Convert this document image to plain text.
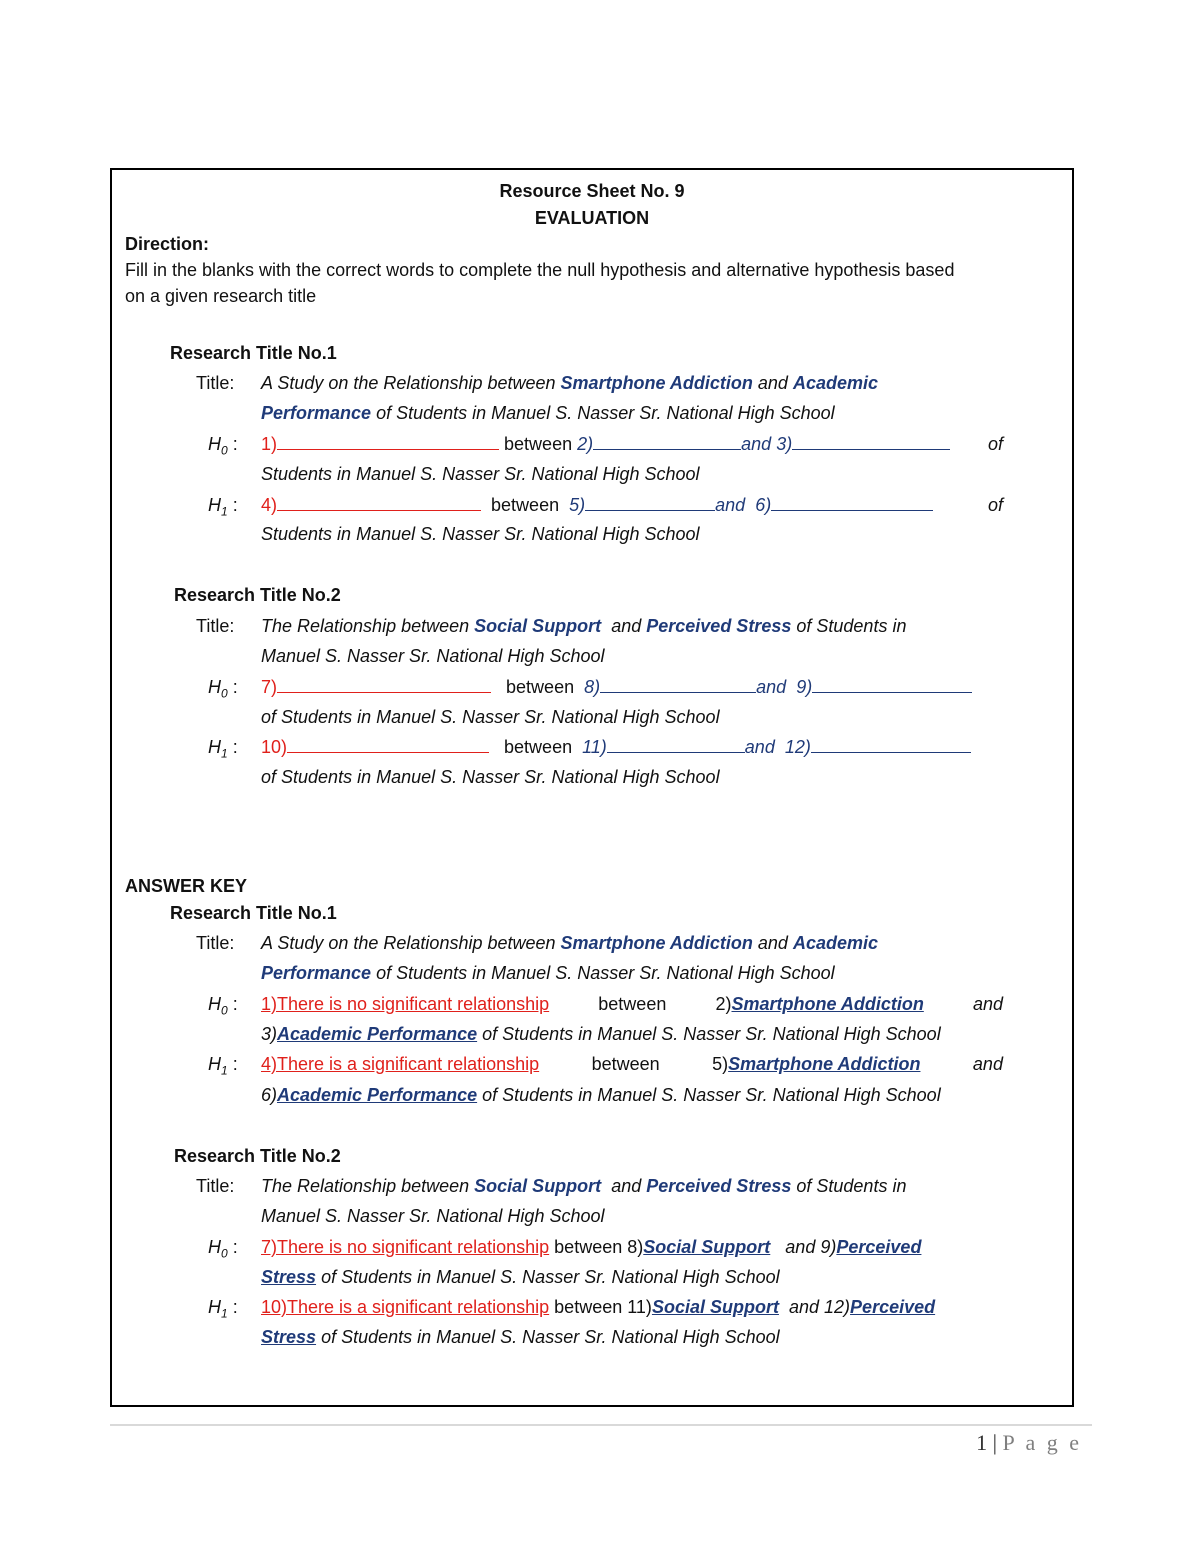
Resource Sheet No. 9
EVALUATION
Direction:
Fill in the blanks with the correct words to complete the null hypothesis and alternative hypothesis based
on a given research title
Research Title No.1
Title: A Study on the Relationship between Smartphone Addiction and Academic
Performance of Students in Manuel S. Nasser Sr. National High School
$H_0$ : 1)	between 2)	and 3)	of
Students in Manuel S. Nasser Sr. National High School
$H_1$ : 4)	between 5)	and 6)	of
Students in Manuel S. Nasser Sr. National High School
Research Title No.2
Title: The Relationship between Social Support and Perceived Stress of Students in
Manuel S. Nasser Sr. National High School
$H_0$ : 7)	between 8)	and 9)
of Students in Manuel S. Nasser Sr. National High School
$H_1$ : 10)	between 11)	and 12)
of Students in Manuel S. Nasser Sr. National High School
ANSWER KEY
Research Title No.1
Title: A Study on the Relationship between Smartphone Addiction and Academic
Performance of Students in Manuel S. Nasser Sr. National High School
$H_0$ : 1)There is no significant relationship	between	2)Smartphone Addiction	and
3)Academic Performance of Students in Manuel S. Nasser Sr. National High School
$H_1$ : 4)There is a significant relationship	between	5)Smartphone Addiction	and
6)Academic Performance of Students in Manuel S. Nasser Sr. National High School
Research Title No.2
Title: The Relationship between Social Support and Perceived Stress of Students in
Manuel S. Nasser Sr. National High School
$H_0$ : 7)There is no significant relationship between 8)Social Support and 9)Perceived
Stress of Students in Manuel S. Nasser Sr. National High School
$H_1$ : 10)There is a significant relationship between 11)Social Support and 12)Perceived
Stress of Students in Manuel S. Nasser Sr. National High School
1 | P a g e
